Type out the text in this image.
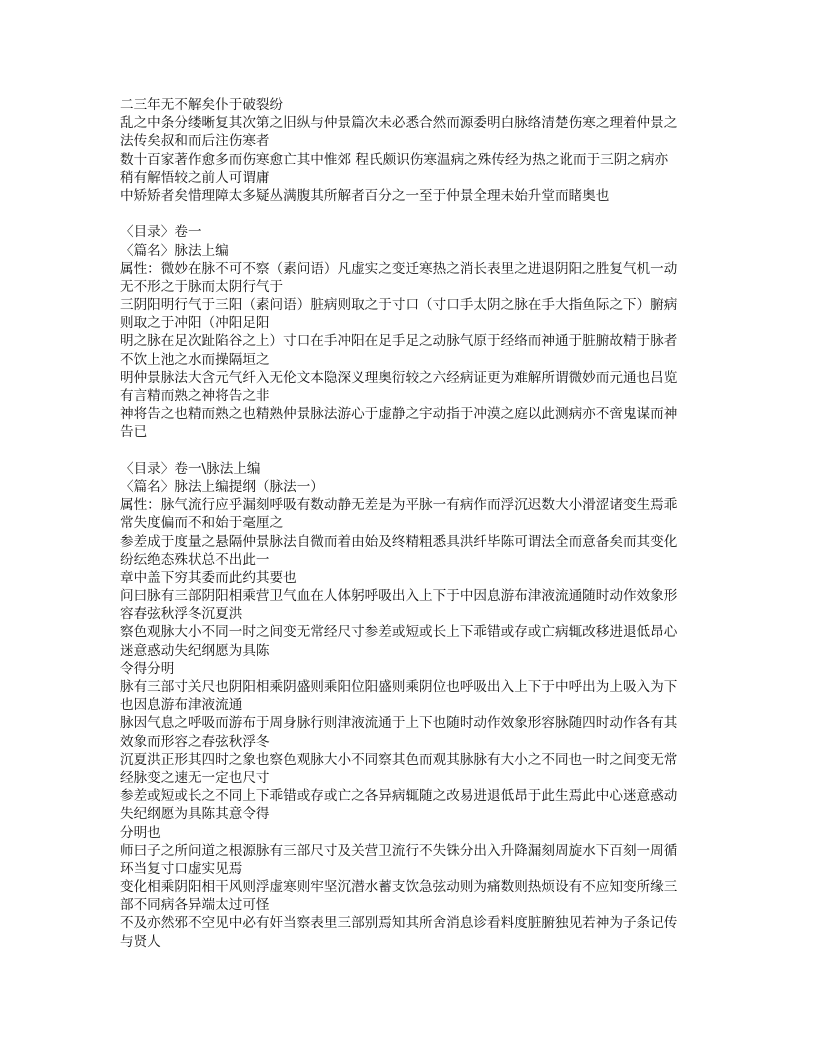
二三年无不解矣仆于破裂纷
乱之中条分缕晰复其次第之旧纵与仲景篇次未必悉合然而源委明白脉络清楚伤寒之理着仲景之
法传矣叔和而后注伤寒者
数十百家著作愈多而伤寒愈亡其中惟郊 程氏颇识伤寒温病之殊传经为热之讹而于三阴之病亦
稍有解悟较之前人可谓庸
中矫矫者矣惜理障太多疑丛满腹其所解者百分之一至于仲景全理未始升堂而睹奥也
〈目录〉卷一
〈篇名〉脉法上编
属性：微妙在脉不可不察（素问语）凡虚实之变迁寒热之消长表里之进退阴阳之胜复气机一动
无不形之于脉而太阴行气于
三阴阳明行气于三阳（素问语）脏病则取之于寸口（寸口手太阴之脉在手大指鱼际之下）腑病
则取之于冲阳（冲阳足阳
明之脉在足次趾陷谷之上）寸口在手冲阳在足手足之动脉气原于经络而神通于脏腑故精于脉者
不饮上池之水而操隔垣之
明仲景脉法大含元气纤入无伦文本隐深义理奥衍较之六经病证更为难解所谓微妙而元通也吕览
有言精而熟之神将告之非
神将告之也精而熟之也精熟仲景脉法游心于虚静之宇动指于冲漠之庭以此测病亦不啻鬼谋而神
告已
〈目录〉卷一\脉法上编
〈篇名〉脉法上编提纲（脉法一）
属性：脉气流行应乎漏刻呼吸有数动静无差是为平脉一有病作而浮沉迟数大小滑涩诸变生焉乖
常失度偏而不和始于毫厘之
参差成于度量之悬隔仲景脉法自微而着由始及终精粗悉具洪纤毕陈可谓法全而意备矣而其变化
纷纭绝态殊状总不出此一
章中盖下穷其委而此约其要也
问曰脉有三部阴阳相乘营卫气血在人体躬呼吸出入上下于中因息游布津液流通随时动作效象形
容春弦秋浮冬沉夏洪
察色观脉大小不同一时之间变无常经尺寸参差或短或长上下乖错或存或亡病辄改移进退低昂心
迷意惑动失纪纲愿为具陈
令得分明
脉有三部寸关尺也阴阳相乘阴盛则乘阳位阳盛则乘阴位也呼吸出入上下于中呼出为上吸入为下
也因息游布津液流通
脉因气息之呼吸而游布于周身脉行则津液流通于上下也随时动作效象形容脉随四时动作各有其
效象而形容之春弦秋浮冬
沉夏洪正形其四时之象也察色观脉大小不同察其色而观其脉脉有大小之不同也一时之间变无常
经脉变之速无一定也尺寸
参差或短或长之不同上下乖错或存或亡之各异病辄随之改易进退低昂于此生焉此中心迷意惑动
失纪纲愿为具陈其意令得
分明也
师曰子之所问道之根源脉有三部尺寸及关营卫流行不失铢分出入升降漏刻周旋水下百刻一周循
环当复寸口虚实见焉
变化相乘阴阳相干风则浮虚寒则牢坚沉潜水蓄支饮急弦动则为痛数则热烦设有不应知变所缘三
部不同病各异端太过可怪
不及亦然邪不空见中必有奸当察表里三部别焉知其所舍消息诊看料度脏腑独见若神为子条记传
与贤人
